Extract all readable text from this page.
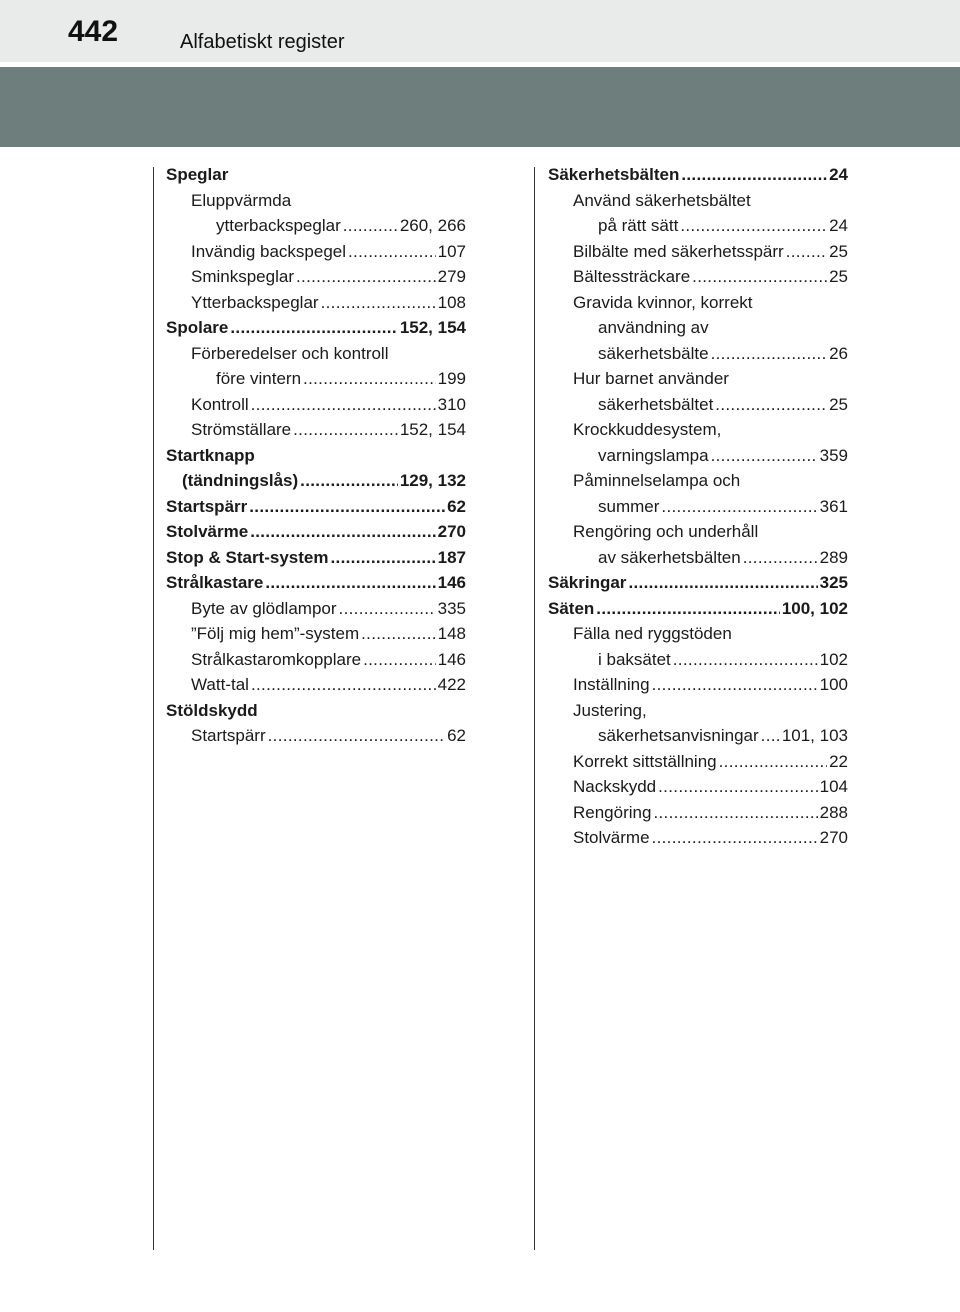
442	Alfabetiskt register
Speglar
Eluppvärmda
ytterbackspeglar . . .	260, 266
Invändig backspegel . . .	107
Sminkspeglar . . .	279
Ytterbackspeglar . . .	108
Spolare . . .	152, 154
Förberedelser och kontroll
före vintern . . .	199
Kontroll . . .	310
Strömställare . . .	152, 154
Startknapp
(tändningslås) . . .	129, 132
Startspärr . . .	62
Stolvärme . . .	270
Stop & Start-system . . .	187
Strålkastare . . .	146
Byte av glödlampor . . .	335
”Följ mig hem”-system . . .	148
Strålkastaromkopplare . . .	146
Watt-tal . . .	422
Stöldskydd
Startspärr . . .	62
Säkerhetsbälten . . .	24
Använd säkerhetsbältet
på rätt sätt . . .	24
Bilbälte med säkerhetsspärr . . .	25
Bältessträckare . . .	25
Gravida kvinnor, korrekt
användning av
säkerhetsbälte . . .	26
Hur barnet använder
säkerhetsbältet . . .	25
Krockkuddesystem,
varningslampa . . .	359
Påminnelselampa och
summer . . .	361
Rengöring och underhåll
av säkerhetsbälten . . .	289
Säkringar . . .	325
Säten . . .	100, 102
Fälla ned ryggstöden
i baksätet . . .	102
Inställning . . .	100
Justering,
säkerhetsanvisningar . . . 101, 103
Korrekt sittställning . . .	22
Nackskydd . . .	104
Rengöring . . .	288
Stolvärme . . .	270
